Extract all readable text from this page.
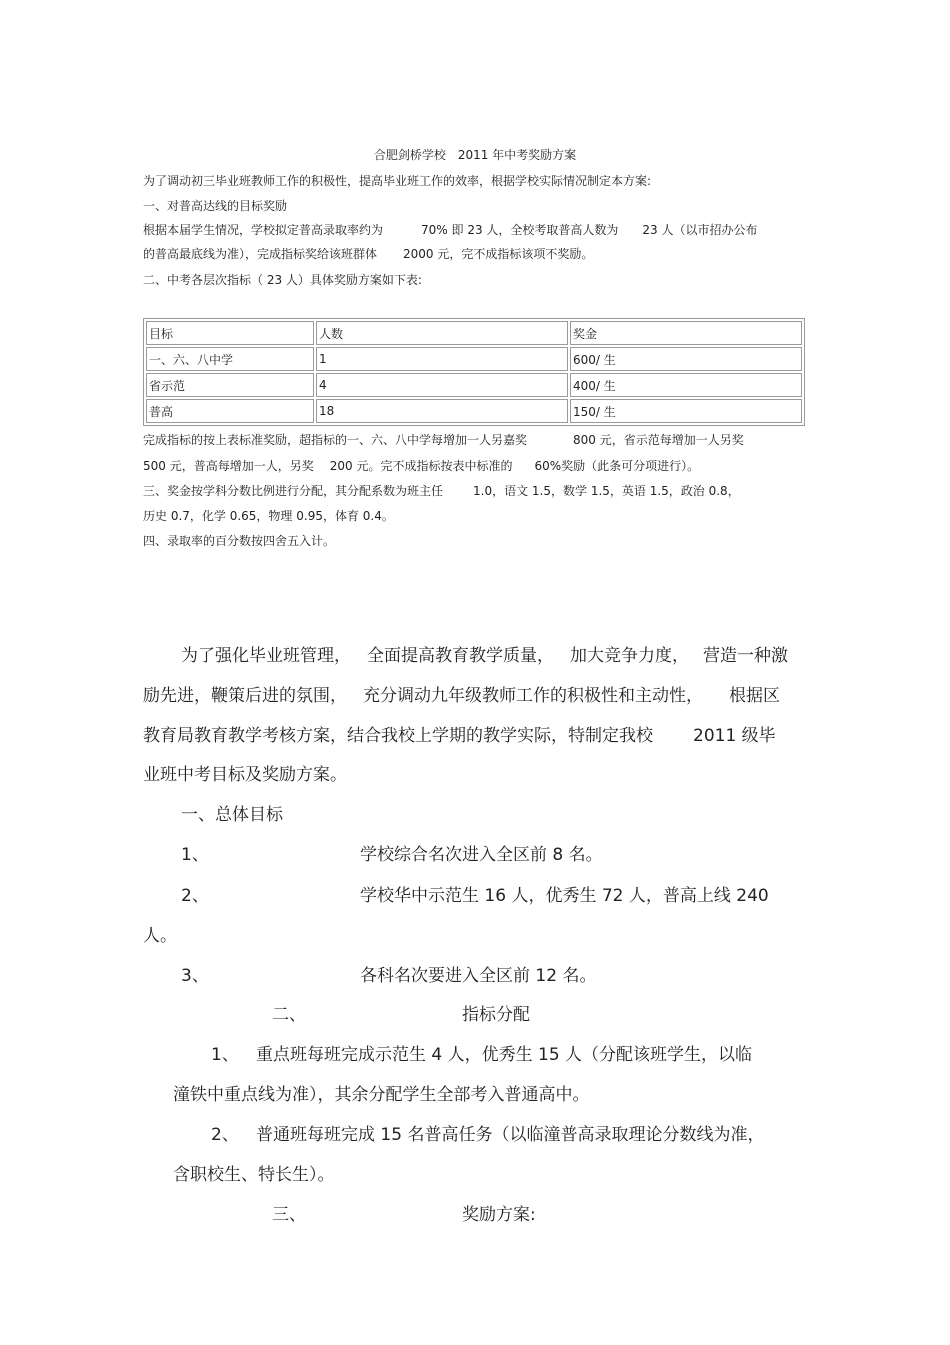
合肥剑桥学校　2011 年中考奖励方案

为了调动初三毕业班教师工作的积极性，提高毕业班工作的效率，根据学校实际情况制定本方案:

一、对普高达线的目标奖励

根据本届学生情况，学校拟定普高录取率约为	70% 即 23 人，全校考取普高人数为 23 人（以市招办公布

的普高最底线为准），完成指标奖给该班群体 2000 元，完不成指标该项不奖励。

二、中考各层次指标（ 23 人）具体奖励方案如下表:

目标	人数	奖金
一、六、八中学	1	600/ 生
省示范	4	400/ 生
普高	18	150/ 生

完成指标的按上表标准奖励，超指标的一、六、八中学每增加一人另嘉奖	800 元，省示范每增加一人另奖

500 元，普高每增加一人，另奖 200 元。完不成指标按表中标准的 60%奖励（此条可分项进行）。

三、奖金按学科分数比例进行分配，其分配系数为班主任	1.0，语文 1.5，数学 1.5，英语 1.5，政治 0.8，

历史 0.7，化学 0.65，物理 0.95，体育 0.4。

四、录取率的百分数按四舍五入计。

为了强化毕业班管理， 全面提高教育教学质量， 加大竞争力度， 营造一种激

励先进，鞭策后进的氛围， 充分调动九年级教师工作的积极性和主动性， 根据区

教育局教育教学考核方案，结合我校上学期的教学实际，特制定我校 2011 级毕

业班中考目标及奖励方案。

一、总体目标

1、	学校综合名次进入全区前 8 名。

2、	学校华中示范生 16 人，优秀生 72 人，普高上线 240

人。

3、	各科名次要进入全区前 12 名。

二、	指标分配

1、 重点班每班完成示范生 4 人，优秀生 15 人（分配该班学生，以临

潼铁中重点线为准），其余分配学生全部考入普通高中。

2、 普通班每班完成 15 名普高任务（以临潼普高录取理论分数线为准，

含职校生、特长生）。

三、	奖励方案:
